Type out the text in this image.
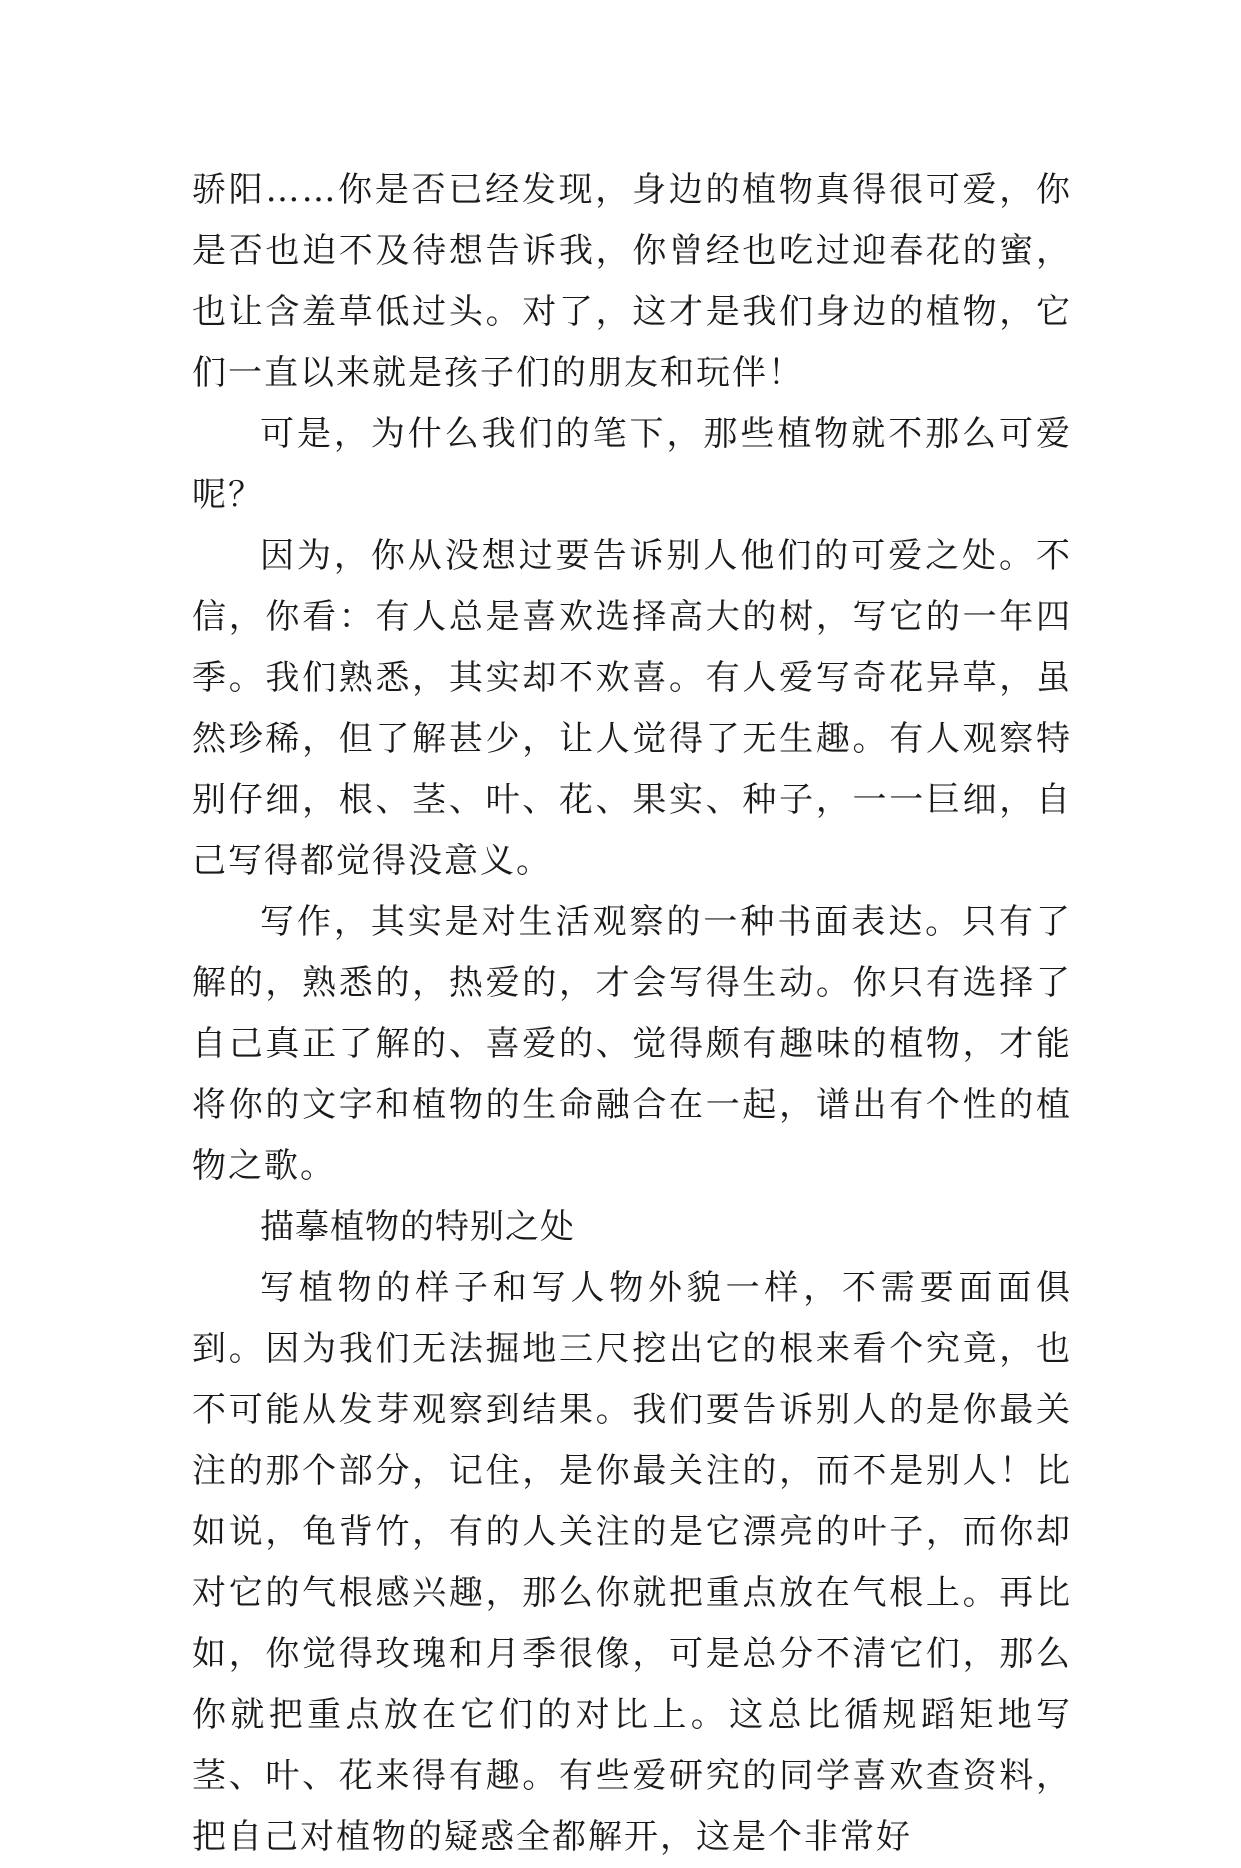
骄阳……你是否已经发现，身边的植物真得很可爱，你是否也迫不及待想告诉我，你曾经也吃过迎春花的蜜，也让含羞草低过头。对了，这才是我们身边的植物，它们一直以来就是孩子们的朋友和玩伴！

可是，为什么我们的笔下，那些植物就不那么可爱呢？

因为，你从没想过要告诉别人他们的可爱之处。不信，你看：有人总是喜欢选择高大的树，写它的一年四季。我们熟悉，其实却不欢喜。有人爱写奇花异草，虽然珍稀，但了解甚少，让人觉得了无生趣。有人观察特别仔细，根、茎、叶、花、果实、种子，一一巨细，自己写得都觉得没意义。

写作，其实是对生活观察的一种书面表达。只有了解的，熟悉的，热爱的，才会写得生动。你只有选择了自己真正了解的、喜爱的、觉得颇有趣味的植物，才能将你的文字和植物的生命融合在一起，谱出有个性的植物之歌。

描摹植物的特别之处

写植物的样子和写人物外貌一样，不需要面面俱到。因为我们无法掘地三尺挖出它的根来看个究竟，也不可能从发芽观察到结果。我们要告诉别人的是你最关注的那个部分，记住，是你最关注的，而不是别人！比如说，龟背竹，有的人关注的是它漂亮的叶子，而你却对它的气根感兴趣，那么你就把重点放在气根上。再比如，你觉得玫瑰和月季很像，可是总分不清它们，那么你就把重点放在它们的对比上。这总比循规蹈矩地写茎、叶、花来得有趣。有些爱研究的同学喜欢查资料，把自己对植物的疑惑全都解开，这是个非常好
